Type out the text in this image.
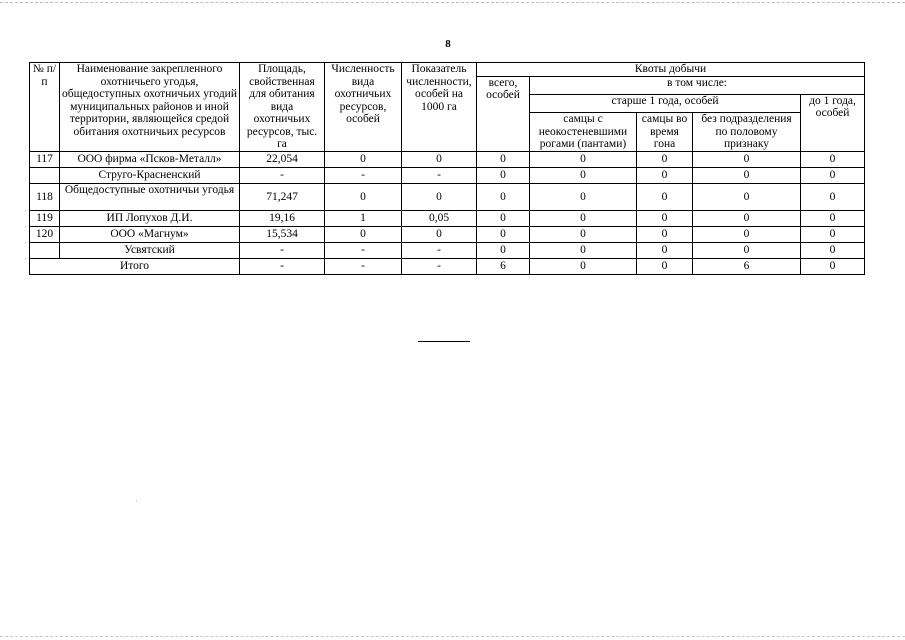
8
№ п/п	Наименование закрепленного охотничьего угодья, общедоступных охотничьих угодий муниципальных районов и иной территории, являющейся средой обитания охотничьих ресурсов	Площадь, свойственная для обитания вида охотничьих ресурсов, тыс. га	Численность вида охотничьих ресурсов, особей	Показатель численности, особей на 1000 га	Квоты добычи				
					всего, особей	в том числе:			
						старше 1 года, особей			до 1 года, особей
						самцы с неокостеневшими рогами (пантами)	самцы во время гона	без подразделения по половому признаку	
117	ООО фирма «Псков-Металл»	22,054	0	0	0	0	0	0	0
	Струго-Красненский	-	-	-	0	0	0	0	0
118	Общедоступные охотничьи угодья	71,247	0	0	0	0	0	0	0
119	ИП Лопухов Д.И.	19,16	1	0,05	0	0	0	0	0
120	ООО «Магнум»	15,534	0	0	0	0	0	0	0
	Усвятский	-	-	-	0	0	0	0	0
Итого		-	-	-	6	0	0	6	0
